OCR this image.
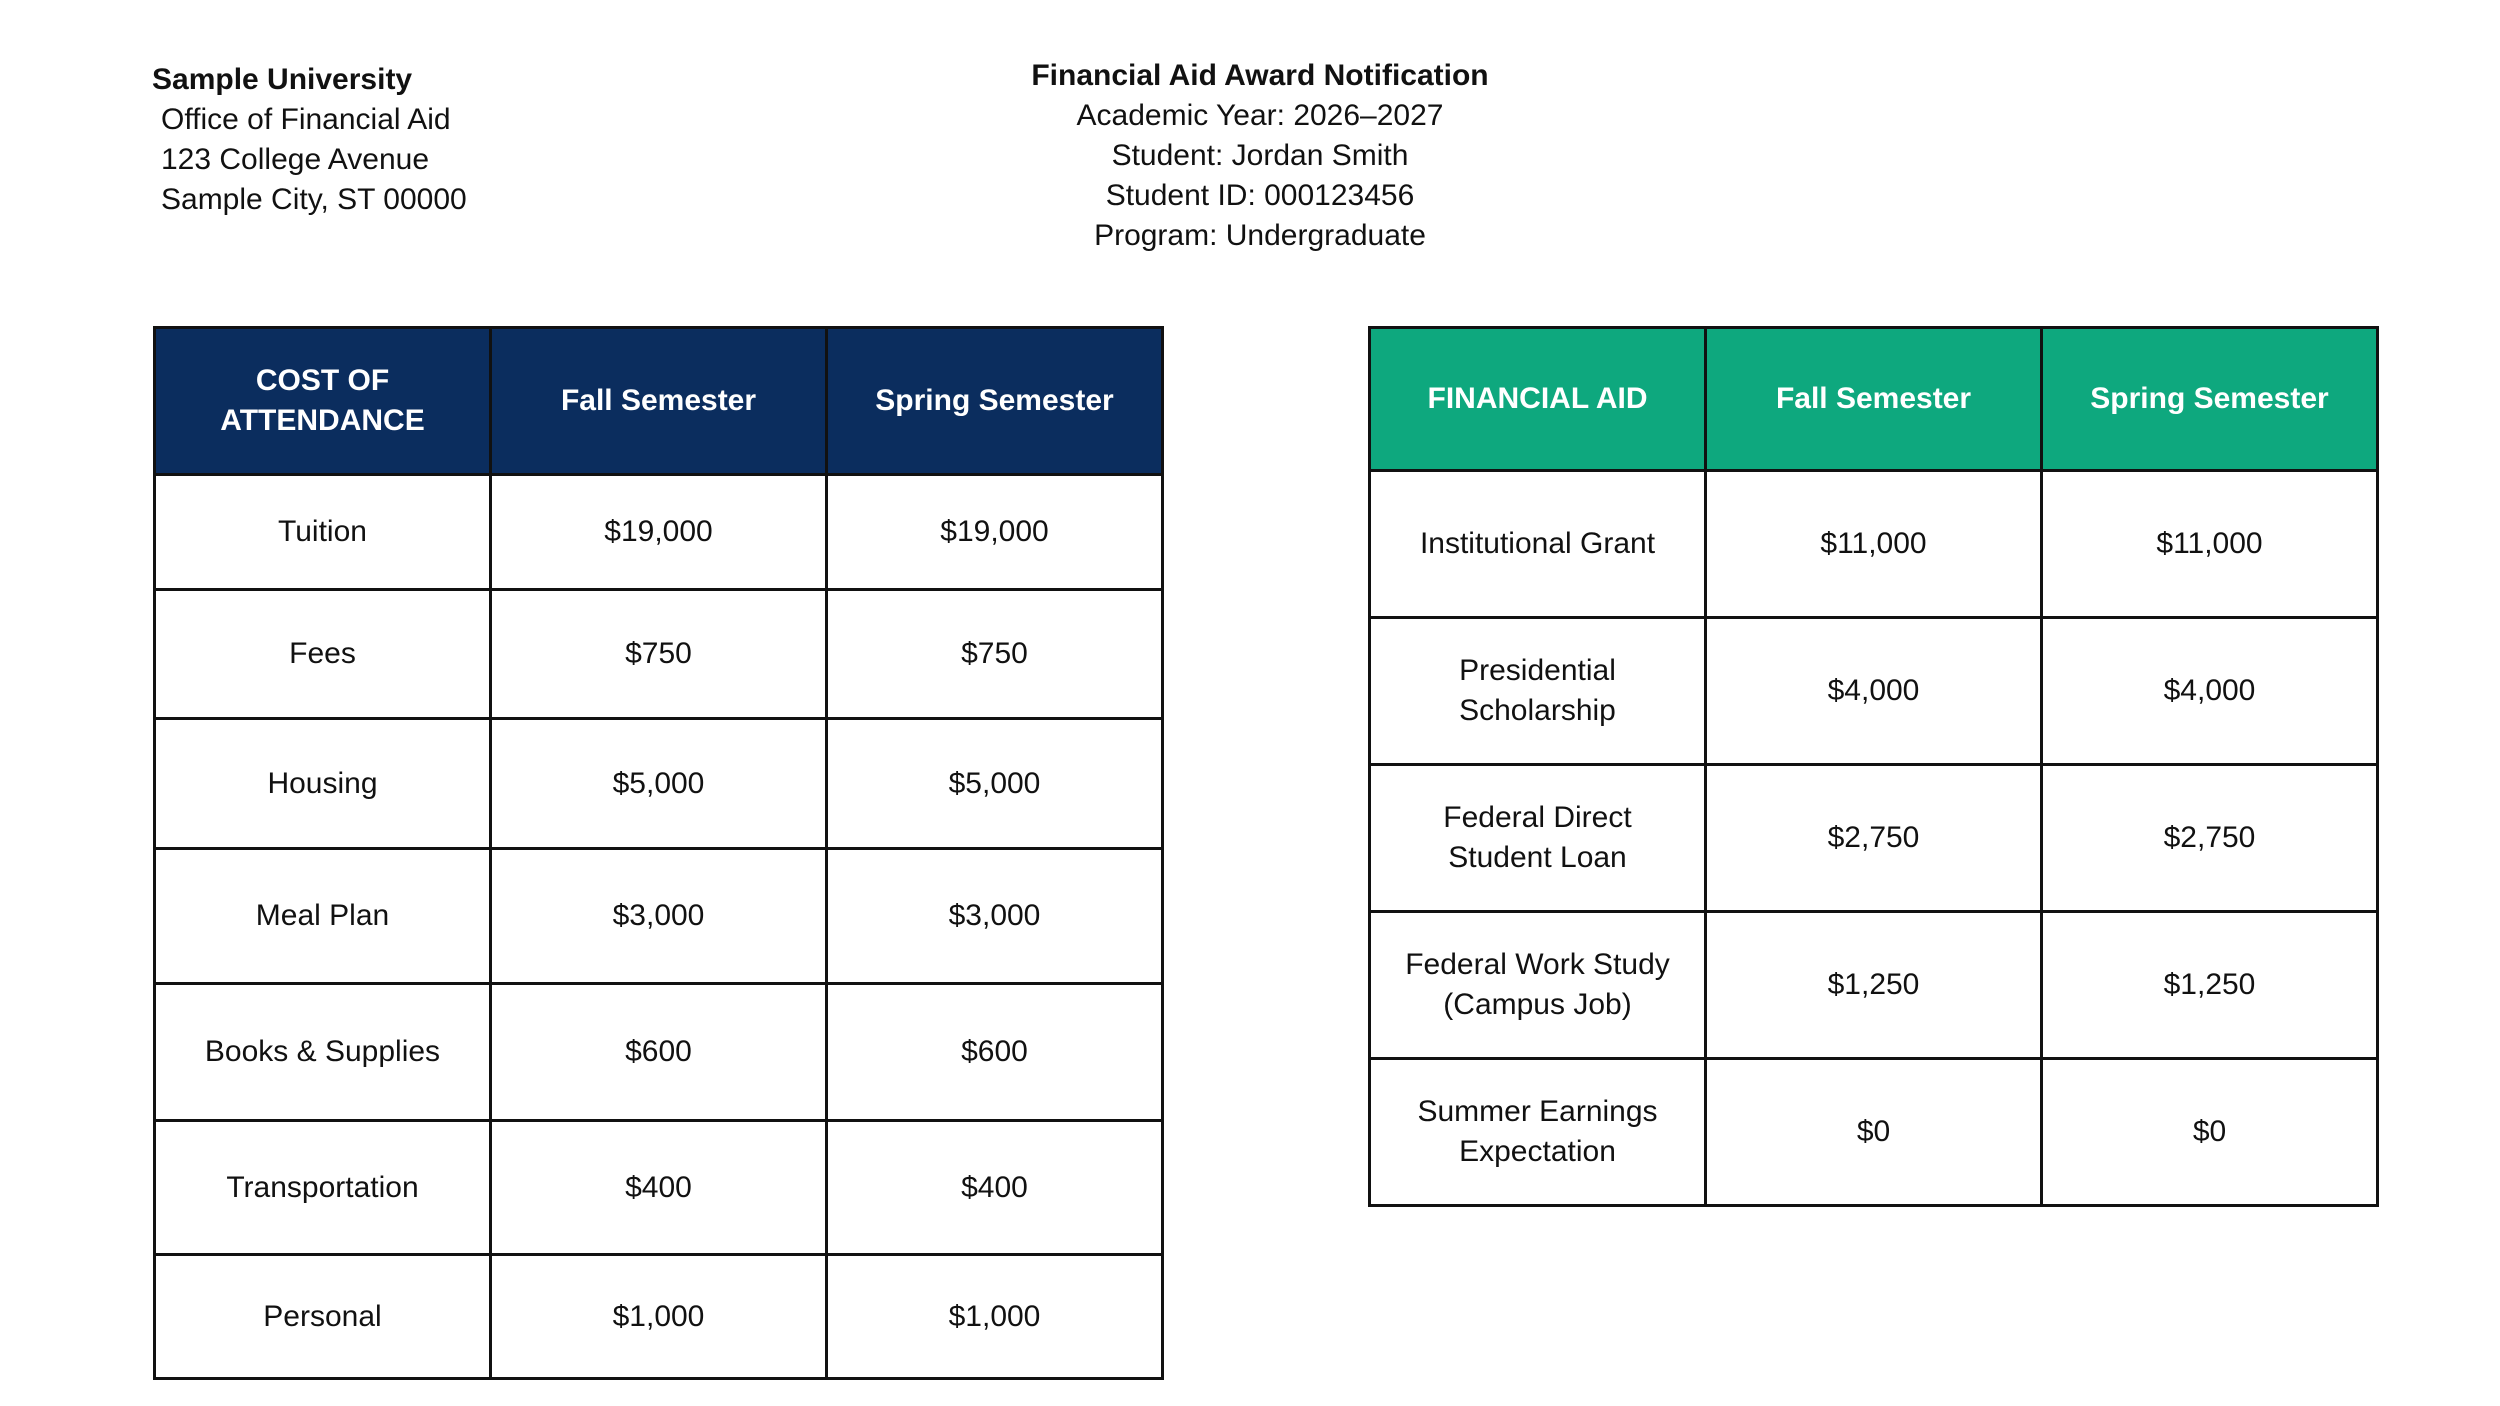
Sample University
Office of Financial Aid
123 College Avenue
Sample City, ST 00000
Financial Aid Award Notification
Academic Year: 2026–2027
Student: Jordan Smith
Student ID: 000123456
Program: Undergraduate
COST OF ATTENDANCE	Fall Semester	Spring Semester
Tuition	$19,000	$19,000
Fees	$750	$750
Housing	$5,000	$5,000
Meal Plan	$3,000	$3,000
Books & Supplies	$600	$600
Transportation	$400	$400
Personal	$1,000	$1,000
FINANCIAL AID	Fall Semester	Spring Semester
Institutional Grant	$11,000	$11,000
Presidential Scholarship	$4,000	$4,000
Federal Direct Student Loan	$2,750	$2,750
Federal Work Study (Campus Job)	$1,250	$1,250
Summer Earnings Expectation	$0	$0
